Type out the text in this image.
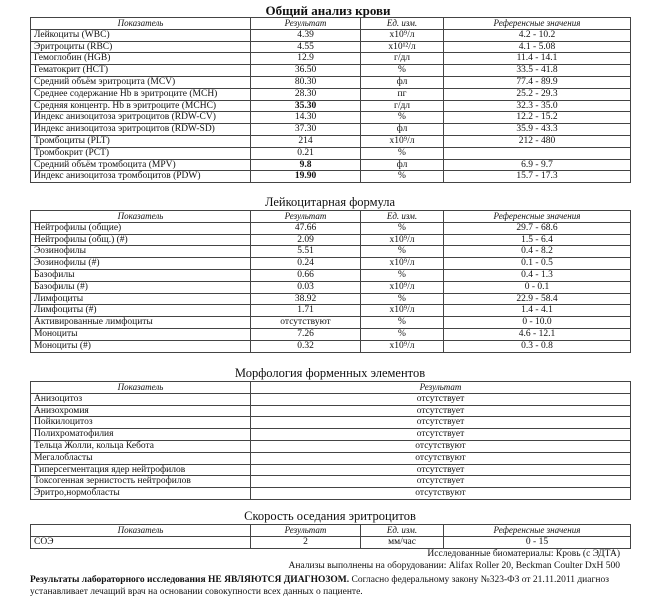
Общий анализ крови
Показатель	Результат	Ед. изм.	Референсные значения
Лейкоциты (WBC)	4.39	x10⁹/л	4.2 - 10.2
Эритроциты (RBC)	4.55	x10¹²/л	4.1 - 5.08
Гемоглобин (HGB)	12.9	г/дл	11.4 - 14.1
Гематокрит (HCT)	36.50	%	33.5 - 41.8
Средний объём эритроцита (MCV)	80.30	фл	77.4 - 89.9
Среднее содержание Hb в эритроците (MCH)	28.30	пг	25.2 - 29.3
Средняя концентр. Hb в эритроците (MCHC)	35.30	г/дл	32.3 - 35.0
Индекс анизоцитоза эритроцитов (RDW-CV)	14.30	%	12.2 - 15.2
Индекс анизоцитоза эритроцитов (RDW-SD)	37.30	фл	35.9 - 43.3
Тромбоциты (PLT)	214	x10⁹/л	212 - 480
Тромбокрит (PCT)	0.21	%	
Средний объём тромбоцита (MPV)	9.8	фл	6.9 - 9.7
Индекс анизоцитоза тромбоцитов (PDW)	19.90	%	15.7 - 17.3
Лейкоцитарная формула
Показатель	Результат	Ед. изм.	Референсные значения
Нейтрофилы (общие)	47.66	%	29.7 - 68.6
Нейтрофилы (общ.) (#)	2.09	x10⁹/л	1.5 - 6.4
Эозинофилы	5.51	%	0.4 - 8.2
Эозинофилы (#)	0.24	x10⁹/л	0.1 - 0.5
Базофилы	0.66	%	0.4 - 1.3
Базофилы (#)	0.03	x10⁹/л	0 - 0.1
Лимфоциты	38.92	%	22.9 - 58.4
Лимфоциты (#)	1.71	x10⁹/л	1.4 - 4.1
Активированные лимфоциты	отсутствуют	%	0 - 10.0
Моноциты	7.26	%	4.6 - 12.1
Моноциты (#)	0.32	x10⁹/л	0.3 - 0.8
Морфология форменных элементов
Показатель	Результат
Анизоцитоз	отсутствует
Анизохромия	отсутствует
Пойкилоцитоз	отсутствует
Полихроматофилия	отсутствует
Тельца Жолли, кольца Кебота	отсутствуют
Мегалобласты	отсутствуют
Гиперсегментация ядер нейтрофилов	отсутствует
Токсогенная зернистость нейтрофилов	отсутствует
Эритро,нормобласты	отсутствуют
Скорость оседания эритроцитов
Показатель	Результат	Ед. изм.	Референсные значения
СОЭ	2	мм/час	0 - 15
Исследованные биоматериалы: Кровь (с ЭДТА)
Анализы выполнены на оборудовании: Alifax Roller 20, Beckman Coulter DxH 500
Результаты лабораторного исследования НЕ ЯВЛЯЮТСЯ ДИАГНОЗОМ. Согласно федеральному закону №323-ФЗ от 21.11.2011 диагноз устанавливает лечащий врач на основании совокупности всех данных о пациенте.
